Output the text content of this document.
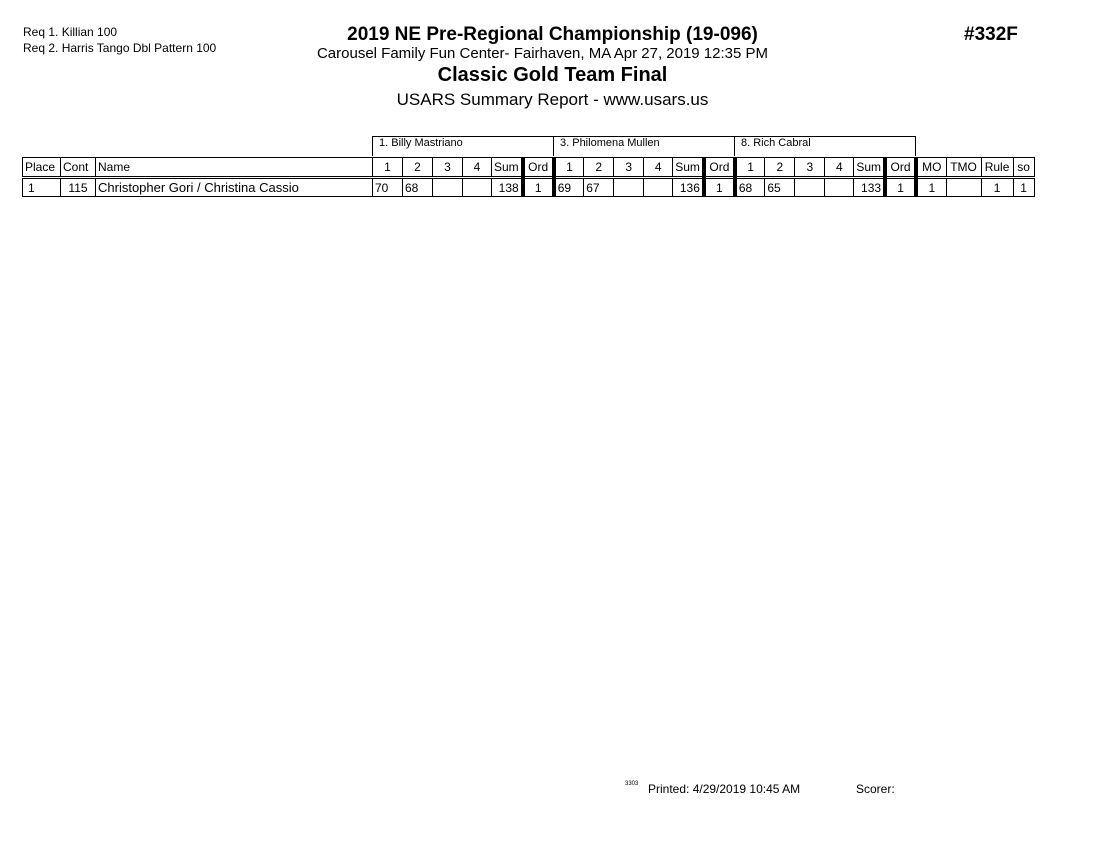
Req 1. Killian 100
Req 2. Harris Tango Dbl Pattern 100
2019 NE Pre-Regional Championship (19-096)
Carousel Family Fun Center- Fairhaven, MA Apr 27, 2019 12:35 PM
Classic Gold Team Final
USARS Summary Report - www.usars.us
#332F
1. Billy Mastriano	3. Philomena Mullen	8. Rich Cabral
Place	Cont	Name	1	2	3	4	Sum	Ord	1	2	3	4	Sum	Ord	1	2	3	4	Sum	Ord	MO	TMO	Rule	so
1	115	Christopher Gori / Christina Cassio	70	68			138	1	69	67			136	1	68	65			133	1	1		1	1
3303 Printed: 4/29/2019 10:45 AM	Scorer:
